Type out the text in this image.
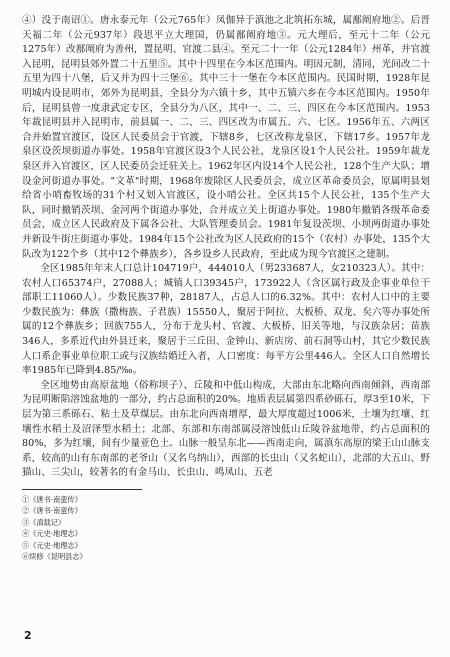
④）没于南诏①。唐永泰元年（公元765年）凤伽异于滇池之北筑拓东城，属鄯阐府地②。后晋天福二年（公元937年）段思平立大理国，仍属鄯阐府地③。元大理后，至元十二年（公元1275年）改鄯阐府为善州，置昆明、官渡二县④。至元二十一年（公元1284年）州革，并官渡入昆明，昆明县郊外置二十五里⑤。其中十四里在今本区范围内。明因元制，清同，光间改二十五里为四十八堡，后又并为四十三堡⑥。其中三十一堡在今本区范围内。民国时期，1928年昆明城内设昆明市，郊外为昆明县，全县分为六镇十乡，其中五镇六乡在今本区范围内。1950年后，昆明县曾一度隶武定专区，全县分为八区，其中一、二、三、四区在今本区范围内。1953年裁昆明县并入昆明市，前县属一、二、三、四区改为市属五、六、七区。1956年五、六两区合并始置官渡区，设区人民委员会于官渡，下辖8乡，七区改称龙泉区，下辖17乡。1957年龙泉区设茨坝街道办事处。1958年官渡区设3个人民公社，龙泉区设1个人民公社。1959年裁龙泉区并入官渡区，区人民委员会迁驻关上。1962年区内设14个人民公社，128个生产大队；增设金河街道办事处。"文革"时期，1968年废除区人民委员会，成立区革命委员会，原属明县划给省小哨畜牧场的31个村又划入官渡区，设小哨公社。全区共15个人民公社，135个生产大队，同时撤销茨坝、金河两个街道办事处，合并成立关上街道办事处。1980年撤销各级革命委员会，成立区人民政府及下属各公社、大队管理委员会。1981年复设茨坝、小坝两街道办事处并新设牛街庄街道办事处。1984年15个公社改为区人民政府的15个（农村）办事处，135个大队改为122个乡（其中12个彝族乡），各乡设乡人民政府，至此成为现今官渡区之建制。

全区1985年年末人口总计104719户，444010人（男233687人，女210323人）。其中：农村人口65374户，27088人；城镇人口39345户，173922人（含区属行政及企事业单位干部职工11060人）。少数民族37种，28187人，占总人口的6.32%。其中：农村人口中的主要少数民族为：彝族（撒梅族、子君族）15550人，聚居于阿拉、大板桥、双龙、矣六等办事处所属的12个彝族乡；回族755人，分布于龙头村、官渡、大板桥、旧关等地，与汉族杂居；苗族346人，多系近代由外县迁来，聚居于三丘田、金钟山、新店房、前石洞等山村，其它少数民族人口系企事业单位职工或与汉族结婚迁入者，人口密度：每平方公里446人。全区人口自然增长率1985年已降到4.85/‰。

全区地势由高原盆地（俗称坝子）、丘陵和中低山构成，大部由东北略向西南倾斜，西南部为昆明断陷溶蚀盆地的一部分，约占总面积的20%。地质表层属第四系砂砾石，厚3至10米，下层为第三系砾石、粘土及草煤层。由东北向西南增厚，最大厚度超过1006米，土壤为红壤、红壤性水稻土及沼泽型水稻土；北部、东部和东南部属浸溶蚀低山丘陵谷盆地带，约占总面积的80%，多为红壤，间有少量亚色土。山脉一般呈东北——西南走向，属滇东高原的梁王山山脉支系，较高的山有东南部的老爷山（又名乌纳山），西部的长虫山（又名蛇山），北部的大五山、野猫山、三尖山，较著名的有金马山、长虫山、鸣凤山、五老

①《唐书·南蛮传》
②《唐书·南蛮传》
③《滇载记》
④《元史·地理志》
⑤《元史·地理志》
⑥续修《昆明县志》
2
